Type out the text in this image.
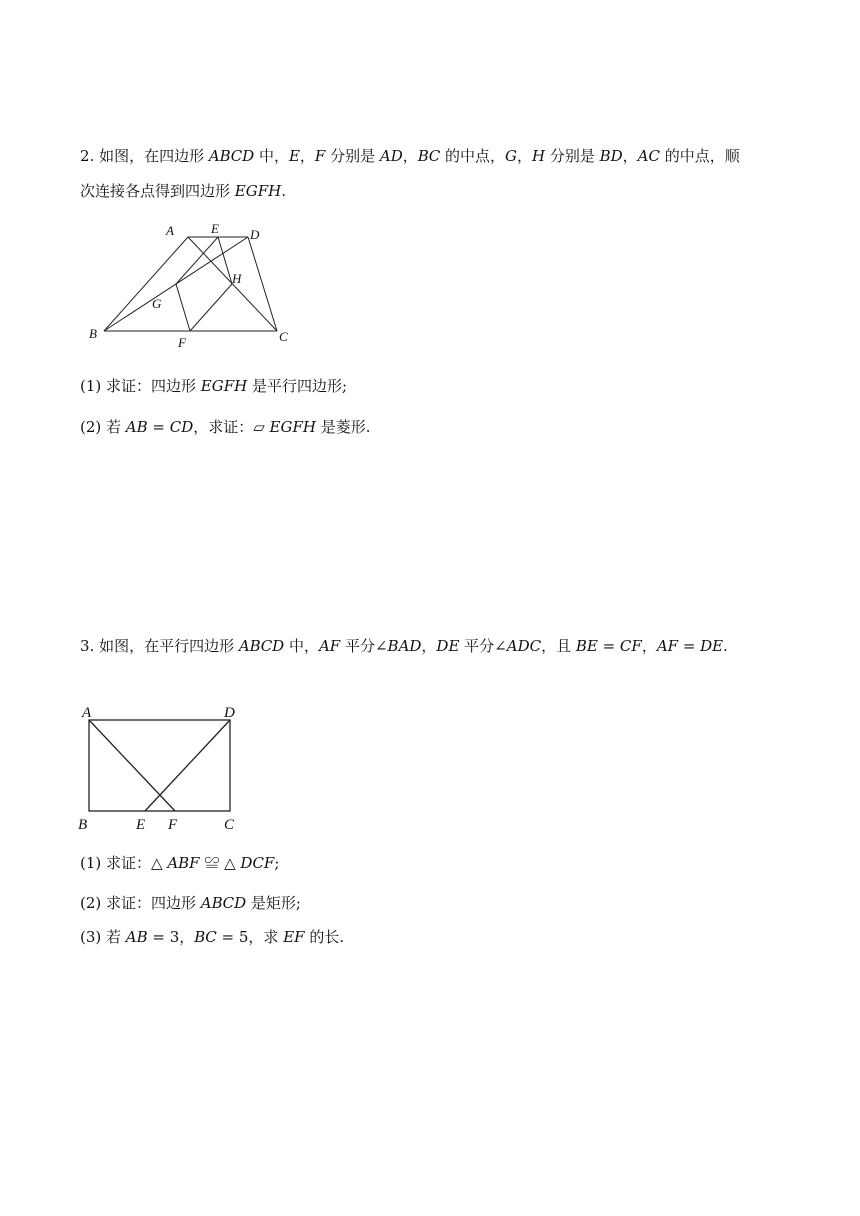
2. 如图，在四边形 𝐴𝐵𝐶𝐷 中，𝐸，𝐹 分别是 𝐴𝐷，𝐵𝐶 的中点，𝐺，𝐻 分别是 𝐵𝐷，𝐴𝐶 的中点，顺
次连接各点得到四边形 𝐸𝐺𝐹𝐻.
A	E D
H
G
B
F	C
(1) 求证：四边形 𝐸𝐺𝐹𝐻 是平行四边形;
(2) 若 𝐴𝐵 = 𝐶𝐷，求证：▱ 𝐸𝐺𝐹𝐻 是菱形.
3. 如图，在平行四边形 𝐴𝐵𝐶𝐷 中，𝐴𝐹 平分∠𝐵𝐴𝐷，𝐷𝐸 平分∠𝐴𝐷𝐶，且 𝐵𝐸 = 𝐶𝐹，𝐴𝐹 = 𝐷𝐸.
A	D
B	E F	C
(1) 求证：△ 𝐴𝐵𝐹 ≌ △ 𝐷𝐶𝐹;
(2) 求证：四边形 𝐴𝐵𝐶𝐷 是矩形;
(3) 若 𝐴𝐵 = 3，𝐵𝐶 = 5，求 𝐸𝐹 的长.
